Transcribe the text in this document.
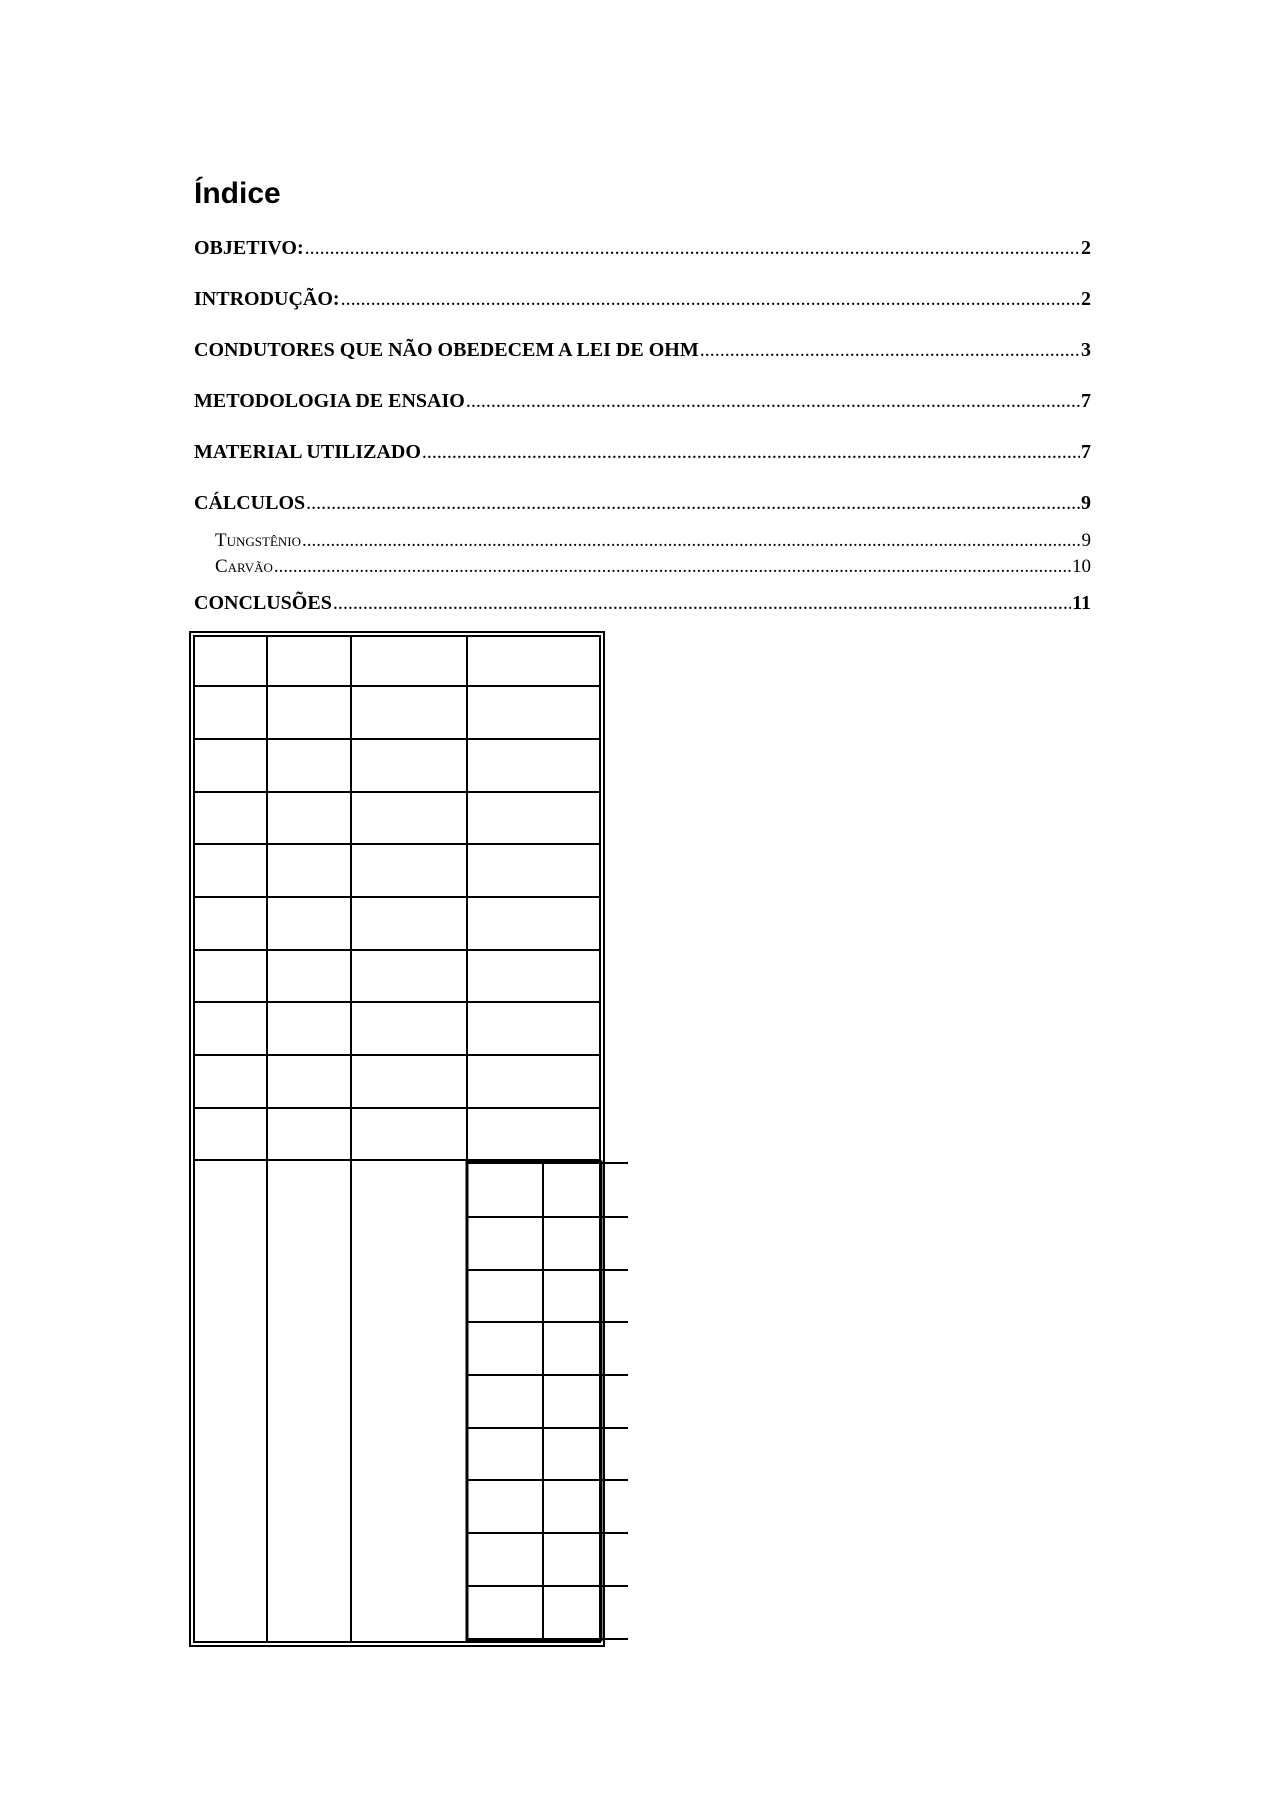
Índice
OBJETIVO: .....	2
INTRODUÇÃO: .....	2
CONDUTORES QUE NÃO OBEDECEM A LEI DE OHM .....	3
METODOLOGIA DE ENSAIO .....	7
MATERIAL UTILIZADO .....	7
CÁLCULOS .....	9
Tungstênio .....	9
Carvão .....	10
CONCLUSÕES .....	11
